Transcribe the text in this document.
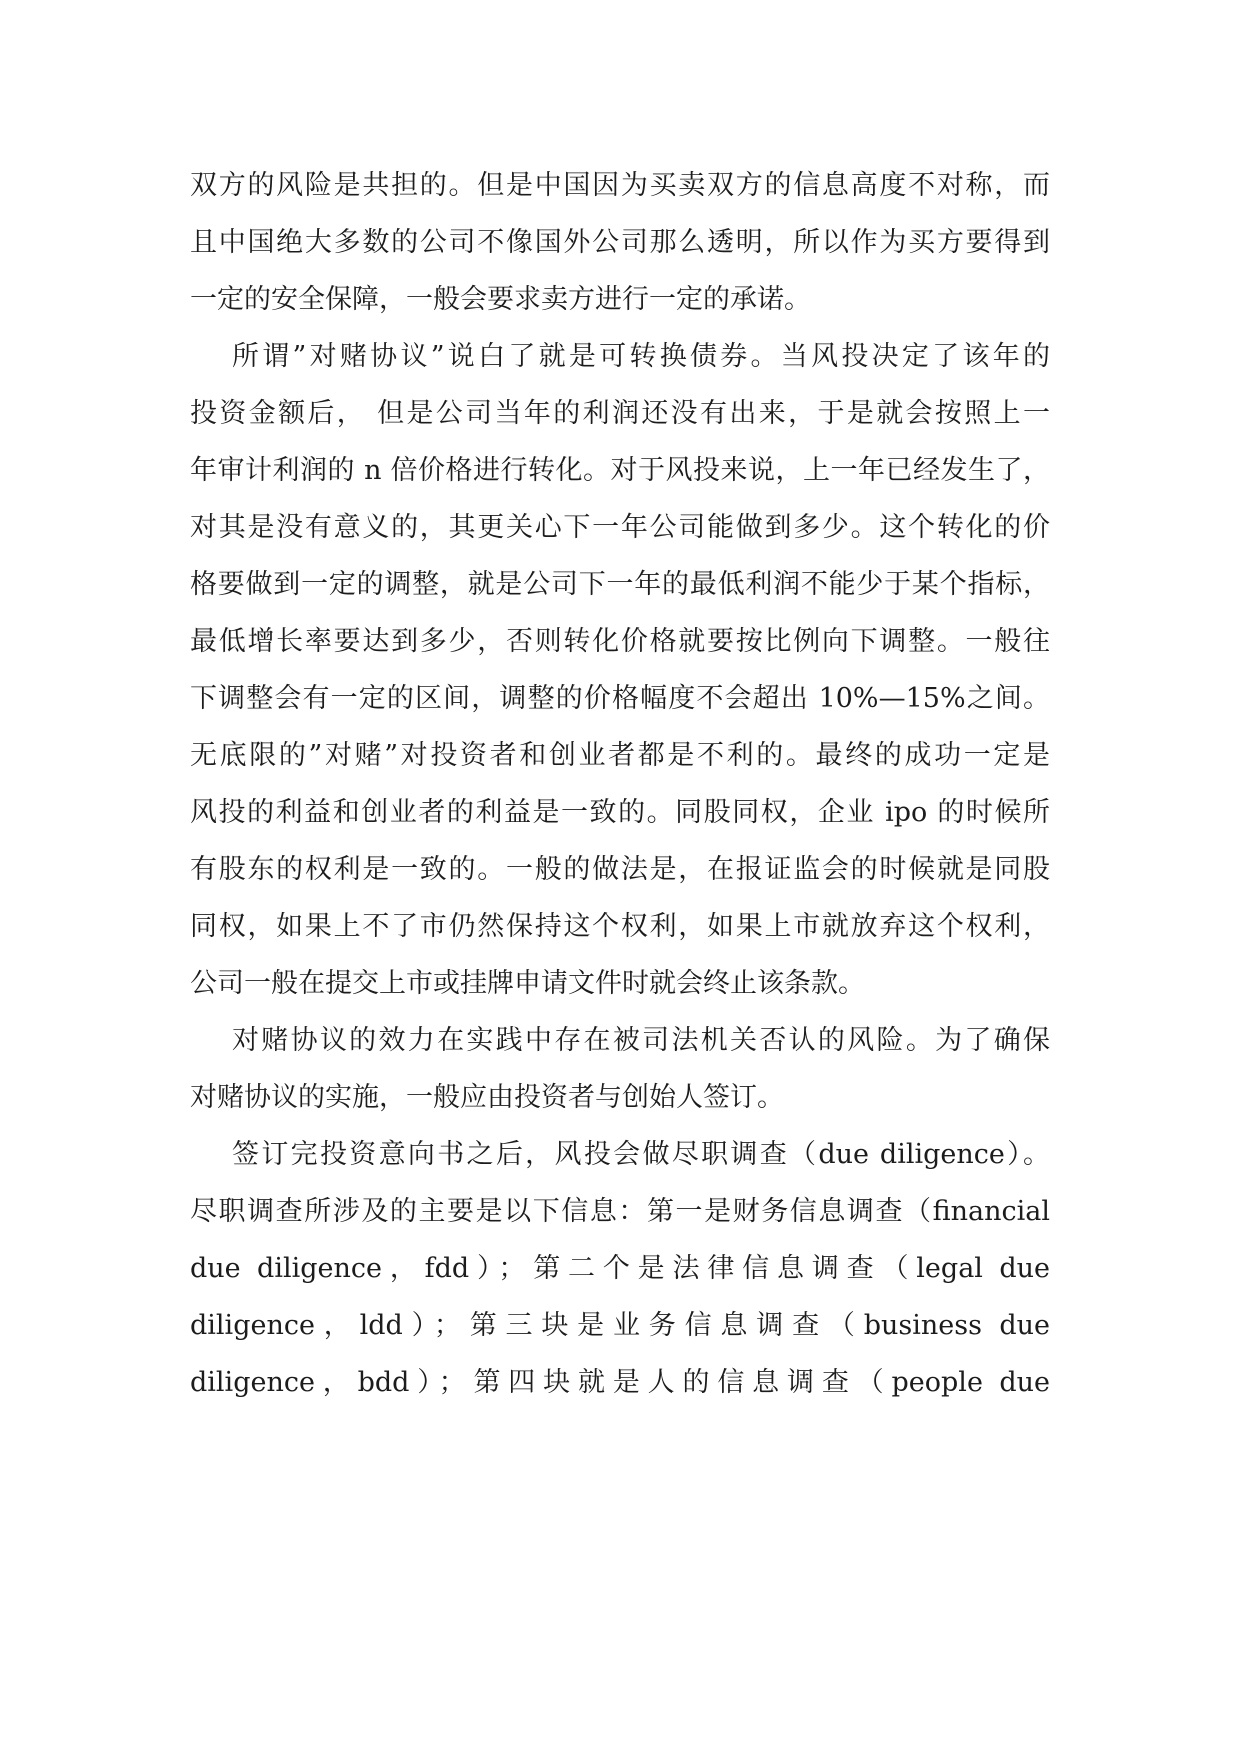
双方的风险是共担的。但是中国因为买卖双方的信息高度不对称，而
且中国绝大多数的公司不像国外公司那么透明，所以作为买方要得到
一定的安全保障，一般会要求卖方进行一定的承诺。
所谓”对赌协议”说白了就是可转换债券。当风投决定了该年的
投资金额后， 但是公司当年的利润还没有出来，于是就会按照上一
年审计利润的 n 倍价格进行转化。对于风投来说，上一年已经发生了，
对其是没有意义的，其更关心下一年公司能做到多少。这个转化的价
格要做到一定的调整，就是公司下一年的最低利润不能少于某个指标，
最低增长率要达到多少，否则转化价格就要按比例向下调整。一般往
下调整会有一定的区间，调整的价格幅度不会超出 10%—15%之间。
无底限的”对赌”对投资者和创业者都是不利的。最终的成功一定是
风投的利益和创业者的利益是一致的。同股同权，企业 ipo 的时候所
有股东的权利是一致的。一般的做法是，在报证监会的时候就是同股
同权，如果上不了市仍然保持这个权利，如果上市就放弃这个权利，
公司一般在提交上市或挂牌申请文件时就会终止该条款。
对赌协议的效力在实践中存在被司法机关否认的风险。为了确保
对赌协议的实施，一般应由投资者与创始人签订。
签订完投资意向书之后，风投会做尽职调查（due diligence）。
尽职调查所涉及的主要是以下信息：第一是财务信息调查（financial
due diligence，fdd）；第二个是法律信息调查（legal due
diligence，ldd）；第三块是业务信息调查（business due
diligence，bdd）；第四块就是人的信息调查（people due
